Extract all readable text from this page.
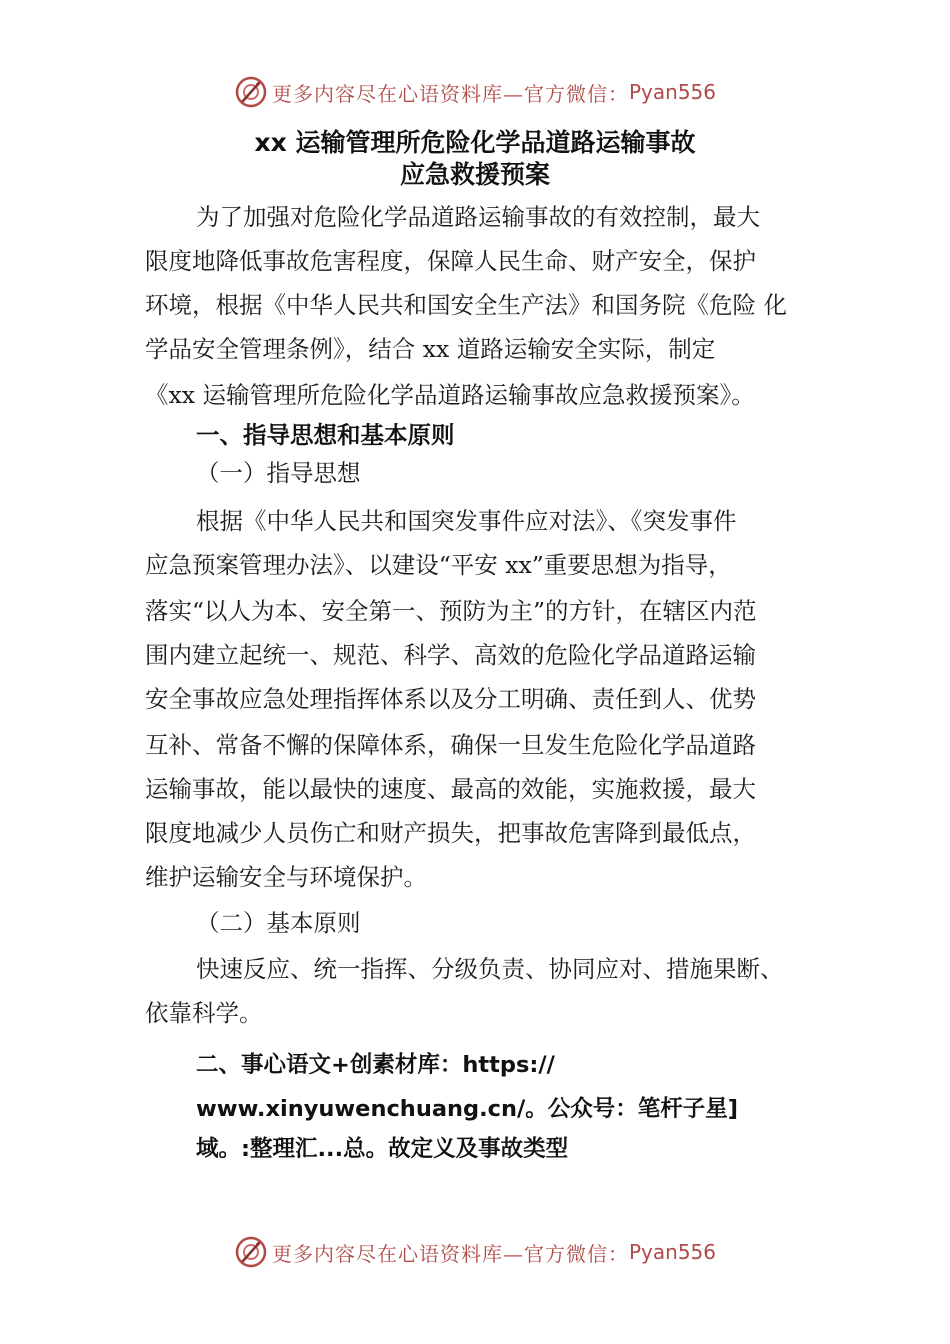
更多内容尽在心语资料库—官方微信： Pyan556
xx 运输管理所危险化学品道路运输事故
应急救援预案
为了加强对危险化学品道路运输事故的有效控制，最大
限度地降低事故危害程度，保障人民生命、财产安全，保护
环境，根据《中华人民共和国安全生产法》和国务院《危险 化
学品安全管理条例》，结合 xx 道路运输安全实际，制定
《xx 运输管理所危险化学品道路运输事故应急救援预案》。
一、指导思想和基本原则
（一）指导思想
根据《中华人民共和国突发事件应对法》、《突发事件
应急预案管理办法》、以建设“平安 xx”重要思想为指导，
落实“以人为本、安全第一、预防为主”的方针，在辖区内范
围内建立起统一、规范、科学、高效的危险化学品道路运输
安全事故应急处理指挥体系以及分工明确、责任到人、优势
互补、常备不懈的保障体系，确保一旦发生危险化学品道路
运输事故，能以最快的速度、最高的效能，实施救援，最大
限度地减少人员伤亡和财产损失，把事故危害降到最低点，
维护运输安全与环境保护。
（二）基本原则
快速反应、统一指挥、分级负责、协同应对、措施果断、
依靠科学。
二、事心语文+创素材库：https://
www.xinyuwenchuang.cn/。公众号：笔杆子星]
域。:整理汇...总。故定义及事故类型
更多内容尽在心语资料库—官方微信： Pyan556
